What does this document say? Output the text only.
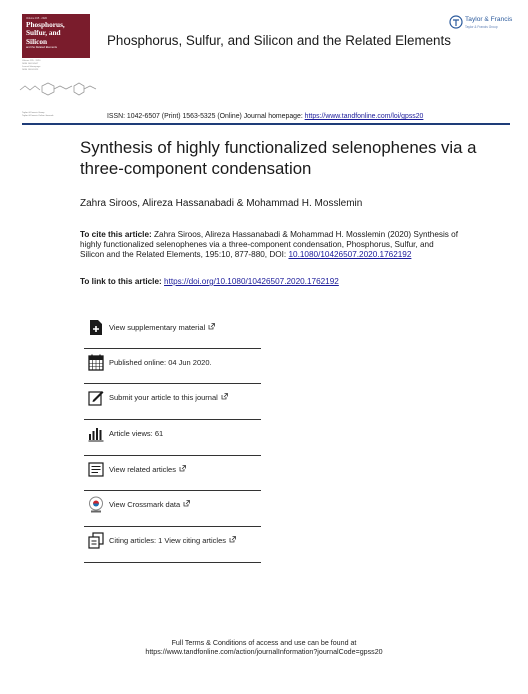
Volume 195 · 2020
Phosphorus,
Sulfur, and
Silicon
and the Related Elements
Volume 195 · 2020
ISSN 1042-6507
Journal Homepage
ISSN 1563-5325
Taylor & Francis Group
Taylor & Francis Online Journals
Phosphorus, Sulfur, and Silicon and the Related Elements
Taylor & Francis
Taylor & Francis Group
ISSN: 1042-6507 (Print) 1563-5325 (Online) Journal homepage: https://www.tandfonline.com/loi/gpss20
Synthesis of highly functionalized selenophenes via a three-component condensation
Zahra Siroos, Alireza Hassanabadi & Mohammad H. Mosslemin
To cite this article: Zahra Siroos, Alireza Hassanabadi & Mohammad H. Mosslemin (2020) Synthesis of highly functionalized selenophenes via a three-component condensation, Phosphorus, Sulfur, and Silicon and the Related Elements, 195:10, 877-880, DOI: 10.1080/10426507.2020.1762192
To link to this article: https://doi.org/10.1080/10426507.2020.1762192
View supplementary material
Published online: 04 Jun 2020.
Submit your article to this journal
Article views: 61
View related articles
View Crossmark data
Citing articles: 1 View citing articles
Full Terms & Conditions of access and use can be found at
https://www.tandfonline.com/action/journalInformation?journalCode=gpss20
